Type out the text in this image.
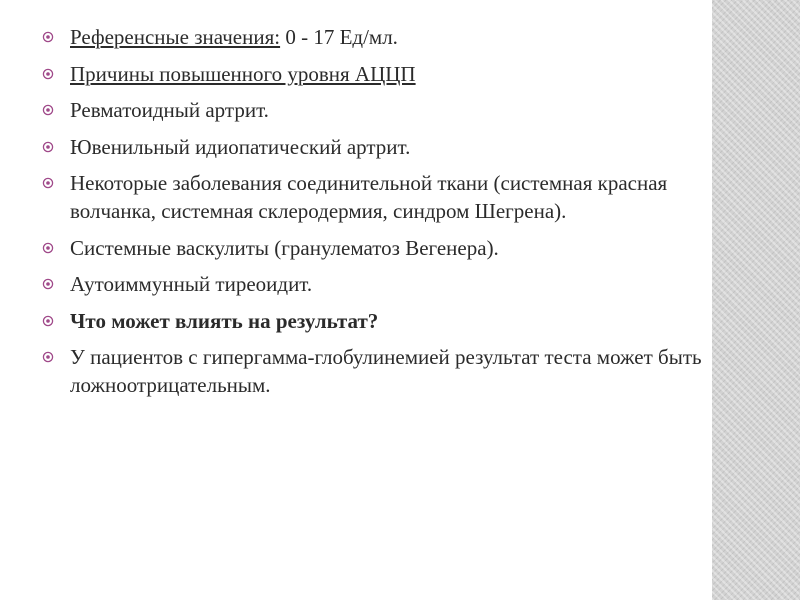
Референсные значения: 0 - 17 Ед/мл.
Причины повышенного уровня АЦЦП
Ревматоидный артрит.
Ювенильный идиопатический артрит.
Некоторые заболевания соединительной ткани (системная красная волчанка, системная склеродермия, синдром Шегрена).
Системные васкулиты (гранулематоз Вегенера).
Аутоиммунный тиреоидит.
Что может влиять на результат?
У пациентов с гипергамма-глобулинемией результат теста может быть ложноотрицательным.
